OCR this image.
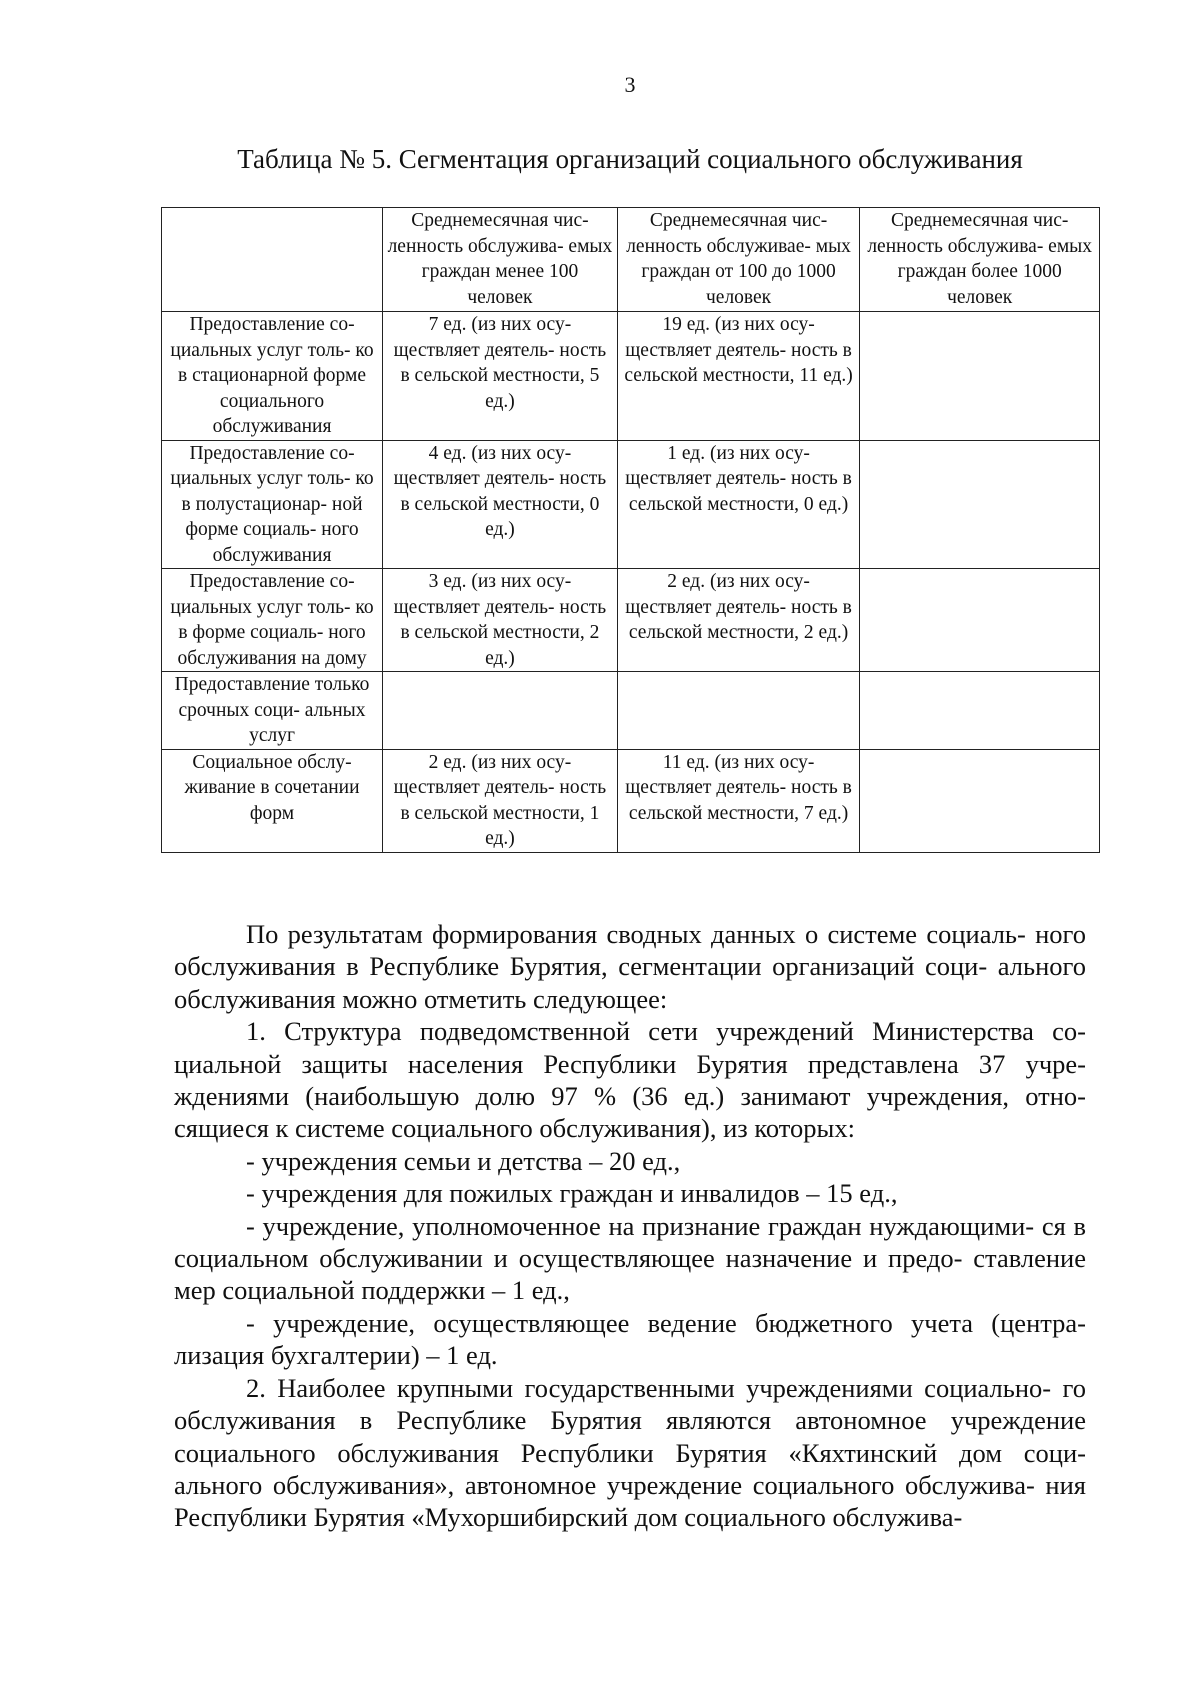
3
Таблица № 5. Сегментация организаций социального обслуживания
	Среднемесячная чис- ленность обслужива- емых граждан менее 100 человек	Среднемесячная чис- ленность обслуживае- мых граждан от 100 до 1000 человек	Среднемесячная чис- ленность обслужива- емых граждан более 1000 человек
Предоставление со- циальных услуг толь- ко в стационарной форме социального обслуживания	7 ед. (из них осу- ществляет деятель- ность в сельской местности, 5 ед.)	19 ед. (из них осу- ществляет деятель- ность в сельской местности, 11 ед.)	
Предоставление со- циальных услуг толь- ко в полустационар- ной форме социаль- ного обслуживания	4 ед. (из них осу- ществляет деятель- ность в сельской местности, 0 ед.)	1 ед. (из них осу- ществляет деятель- ность в сельской местности, 0 ед.)	
Предоставление со- циальных услуг толь- ко в форме социаль- ного обслуживания на дому	3 ед. (из них осу- ществляет деятель- ность в сельской местности, 2 ед.)	2 ед. (из них осу- ществляет деятель- ность в сельской местности, 2 ед.)	
Предоставление только срочных соци- альных услуг			
Социальное обслу- живание в сочетании форм	2 ед. (из них осу- ществляет деятель- ность в сельской местности, 1 ед.)	11 ед. (из них осу- ществляет деятель- ность в сельской местности, 7 ед.)	

По результатам формирования сводных данных о системе социаль- ного обслуживания в Республике Бурятия, сегментации организаций соци- ального обслуживания можно отметить следующее:

1. Структура подведомственной сети учреждений Министерства со- циальной защиты населения Республики Бурятия представлена 37 учре- ждениями (наибольшую долю 97 % (36 ед.) занимают учреждения, отно- сящиеся к системе социального обслуживания), из которых:

- учреждения семьи и детства – 20 ед.,

- учреждения для пожилых граждан и инвалидов – 15 ед.,

- учреждение, уполномоченное на признание граждан нуждающими- ся в социальном обслуживании и осуществляющее назначение и предо- ставление мер социальной поддержки – 1 ед.,

- учреждение, осуществляющее ведение бюджетного учета (центра- лизация бухгалтерии) – 1 ед.

2. Наиболее крупными государственными учреждениями социально- го обслуживания в Республике Бурятия являются автономное учреждение социального обслуживания Республики Бурятия «Кяхтинский дом соци- ального обслуживания», автономное учреждение социального обслужива- ния Республики Бурятия «Мухоршибирский дом социального обслужива-
